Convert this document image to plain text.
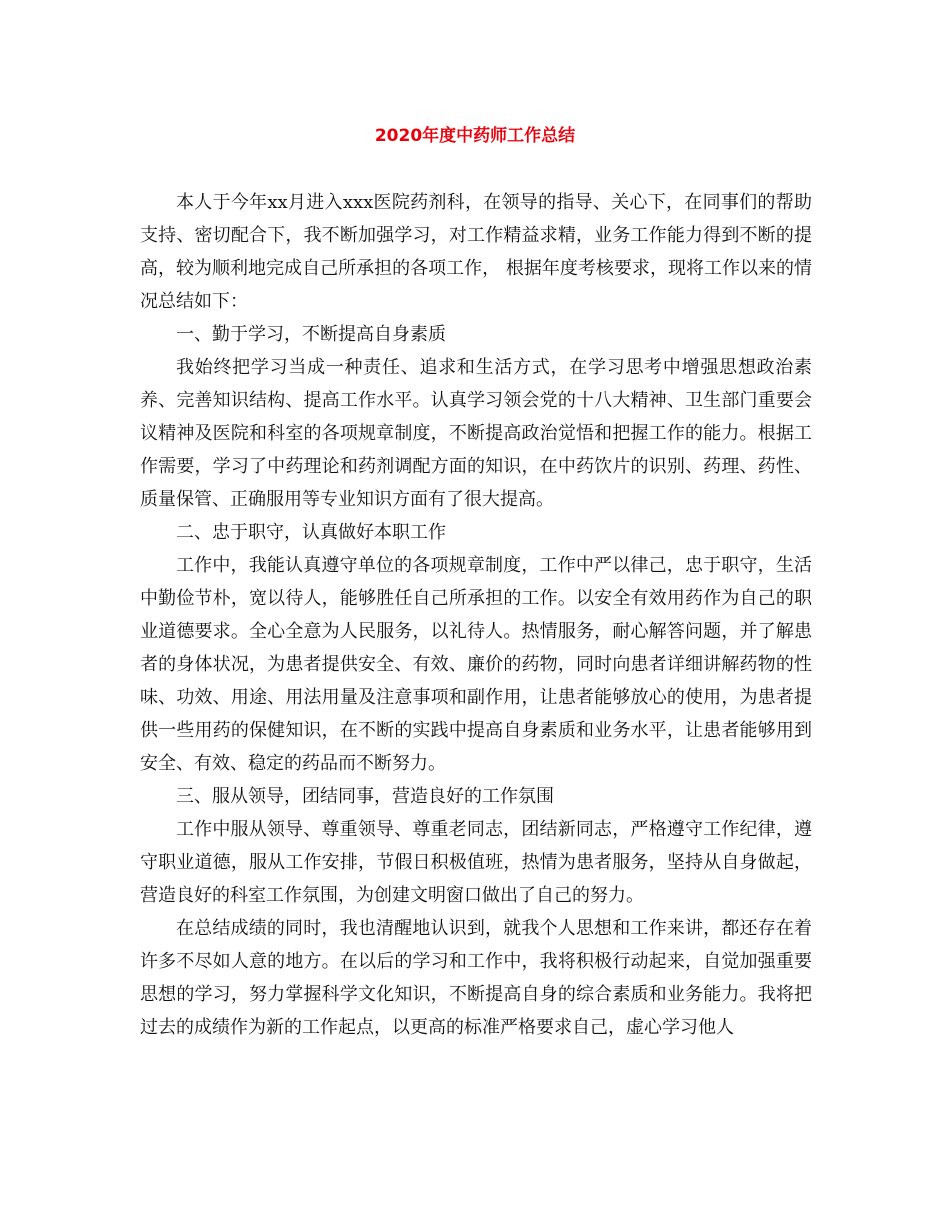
2020年度中药师工作总结

本人于今年xx月进入xxx医院药剂科，在领导的指导、关心下，在同事们的帮助支持、密切配合下，我不断加强学习，对工作精益求精，业务工作能力得到不断的提高，较为顺利地完成自己所承担的各项工作， 根据年度考核要求，现将工作以来的情况总结如下：

一、勤于学习，不断提高自身素质

我始终把学习当成一种责任、追求和生活方式，在学习思考中增强思想政治素养、完善知识结构、提高工作水平。认真学习领会党的十八大精神、卫生部门重要会议精神及医院和科室的各项规章制度，不断提高政治觉悟和把握工作的能力。根据工作需要，学习了中药理论和药剂调配方面的知识，在中药饮片的识别、药理、药性、质量保管、正确服用等专业知识方面有了很大提高。

二、忠于职守，认真做好本职工作

工作中，我能认真遵守单位的各项规章制度，工作中严以律己，忠于职守，生活中勤俭节朴，宽以待人，能够胜任自己所承担的工作。以安全有效用药作为自己的职业道德要求。全心全意为人民服务，以礼待人。热情服务，耐心解答问题，并了解患者的身体状况，为患者提供安全、有效、廉价的药物，同时向患者详细讲解药物的性味、功效、用途、用法用量及注意事项和副作用，让患者能够放心的使用，为患者提供一些用药的保健知识，在不断的实践中提高自身素质和业务水平，让患者能够用到安全、有效、稳定的药品而不断努力。

三、服从领导，团结同事，营造良好的工作氛围

工作中服从领导、尊重领导、尊重老同志，团结新同志，严格遵守工作纪律，遵守职业道德，服从工作安排，节假日积极值班，热情为患者服务，坚持从自身做起，营造良好的科室工作氛围，为创建文明窗口做出了自己的努力。

在总结成绩的同时，我也清醒地认识到，就我个人思想和工作来讲，都还存在着许多不尽如人意的地方。在以后的学习和工作中，我将积极行动起来，自觉加强重要思想的学习，努力掌握科学文化知识，不断提高自身的综合素质和业务能力。我将把过去的成绩作为新的工作起点，以更高的标准严格要求自己，虚心学习他人
